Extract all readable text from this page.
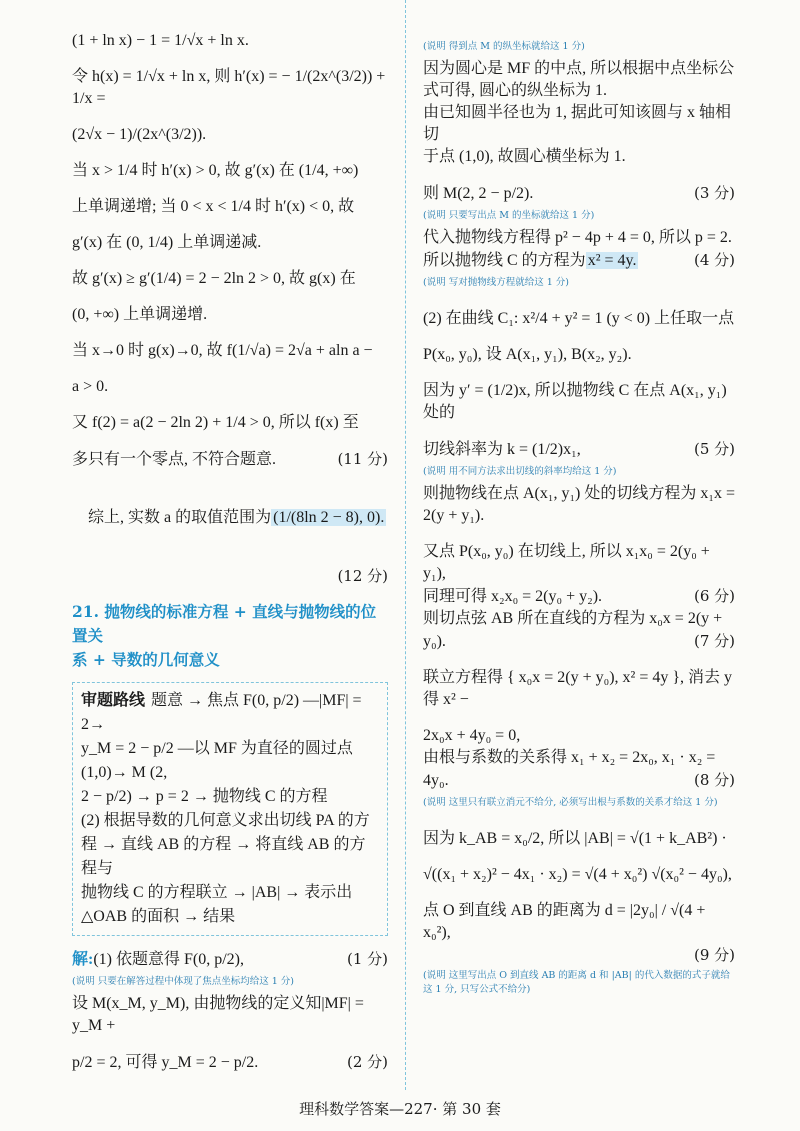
(1 + ln x) − 1 = 1/√x + ln x.

令 h(x) = 1/√x + ln x, 则 h′(x) = − 1/(2x^(3/2)) + 1/x =

(2√x − 1)/(2x^(3/2)).

当 x > 1/4 时 h′(x) > 0, 故 g′(x) 在 (1/4, +∞)

上单调递增; 当 0 < x < 1/4 时 h′(x) < 0, 故

g′(x) 在 (0, 1/4) 上单调递减.

故 g′(x) ≥ g′(1/4) = 2 − 2ln 2 > 0, 故 g(x) 在

(0, +∞) 上单调递增.

当 x→0 时 g(x)→0, 故 f(1/√a) = 2√a + aln a −

a > 0.

又 f(2) = a(2 − 2ln 2) + 1/4 > 0, 所以 f(x) 至

多只有一个零点, 不符合题意.	(11 分)

综上, 实数 a 的取值范围为 (1/(8ln 2 − 8), 0).

(12 分)

21. 抛物线的标准方程 + 直线与抛物线的位置关

系 + 导数的几何意义

审题路线 题意 → 焦点 F(0, p/2) —|MF| = 2→

y_M = 2 − p/2 —以 MF 为直径的圆过点(1,0)→ M (2,

2 − p/2) → p = 2 → 抛物线 C 的方程

(2) 根据导数的几何意义求出切线 PA 的方

程 → 直线 AB 的方程 → 将直线 AB 的方程与

抛物线 C 的方程联立 → |AB| → 表示出

△OAB 的面积 → 结果

解:(1) 依题意得 F(0, p/2),	(1 分)

(说明 只要在解答过程中体现了焦点坐标均给这 1 分)

设 M(x_M, y_M), 由抛物线的定义知|MF| = y_M +

p/2 = 2, 可得 y_M = 2 − p/2.	(2 分)

(说明 得到点 M 的纵坐标就给这 1 分)

因为圆心是 MF 的中点, 所以根据中点坐标公

式可得, 圆心的纵坐标为 1.

由已知圆半径也为 1, 据此可知该圆与 x 轴相切

于点 (1,0), 故圆心横坐标为 1.

则 M(2, 2 − p/2).	(3 分)

(说明 只要写出点 M 的坐标就给这 1 分)

代入抛物线方程得 p² − 4p + 4 = 0, 所以 p = 2.

所以抛物线 C 的方程为 x² = 4y.	(4 分)

(说明 写对抛物线方程就给这 1 分)

(2) 在曲线 C₁: x²/4 + y² = 1 (y < 0) 上任取一点

P(x₀, y₀), 设 A(x₁, y₁), B(x₂, y₂).

因为 y′ = (1/2)x, 所以抛物线 C 在点 A(x₁, y₁) 处的

切线斜率为 k = (1/2)x₁,	(5 分)

(说明 用不同方法求出切线的斜率均给这 1 分)

则抛物线在点 A(x₁, y₁) 处的切线方程为 x₁x =

2(y + y₁).

又点 P(x₀, y₀) 在切线上, 所以 x₁x₀ = 2(y₀ + y₁),

同理可得 x₂x₀ = 2(y₀ + y₂).	(6 分)

则切点弦 AB 所在直线的方程为 x₀x = 2(y +

y₀).	(7 分)

联立方程得 { x₀x = 2(y + y₀), x² = 4y }, 消去 y 得 x² −

2x₀x + 4y₀ = 0,

由根与系数的关系得 x₁ + x₂ = 2x₀, x₁ · x₂ =

4y₀.	(8 分)

(说明 这里只有联立消元不给分, 必须写出根与系数的关系才给这 1 分)

因为 k_AB = x₀/2, 所以 |AB| = √(1 + k_AB²) ·

√((x₁ + x₂)² − 4x₁ · x₂) = √(4 + x₀²) √(x₀² − 4y₀),

点 O 到直线 AB 的距离为 d = |2y₀| / √(4 + x₀²),

(9 分)

(说明 这里写出点 O 到直线 AB 的距离 d 和 |AB| 的代入数据的式子就给这 1 分, 只写公式不给分)

理科数学答案—227· 第 30 套
